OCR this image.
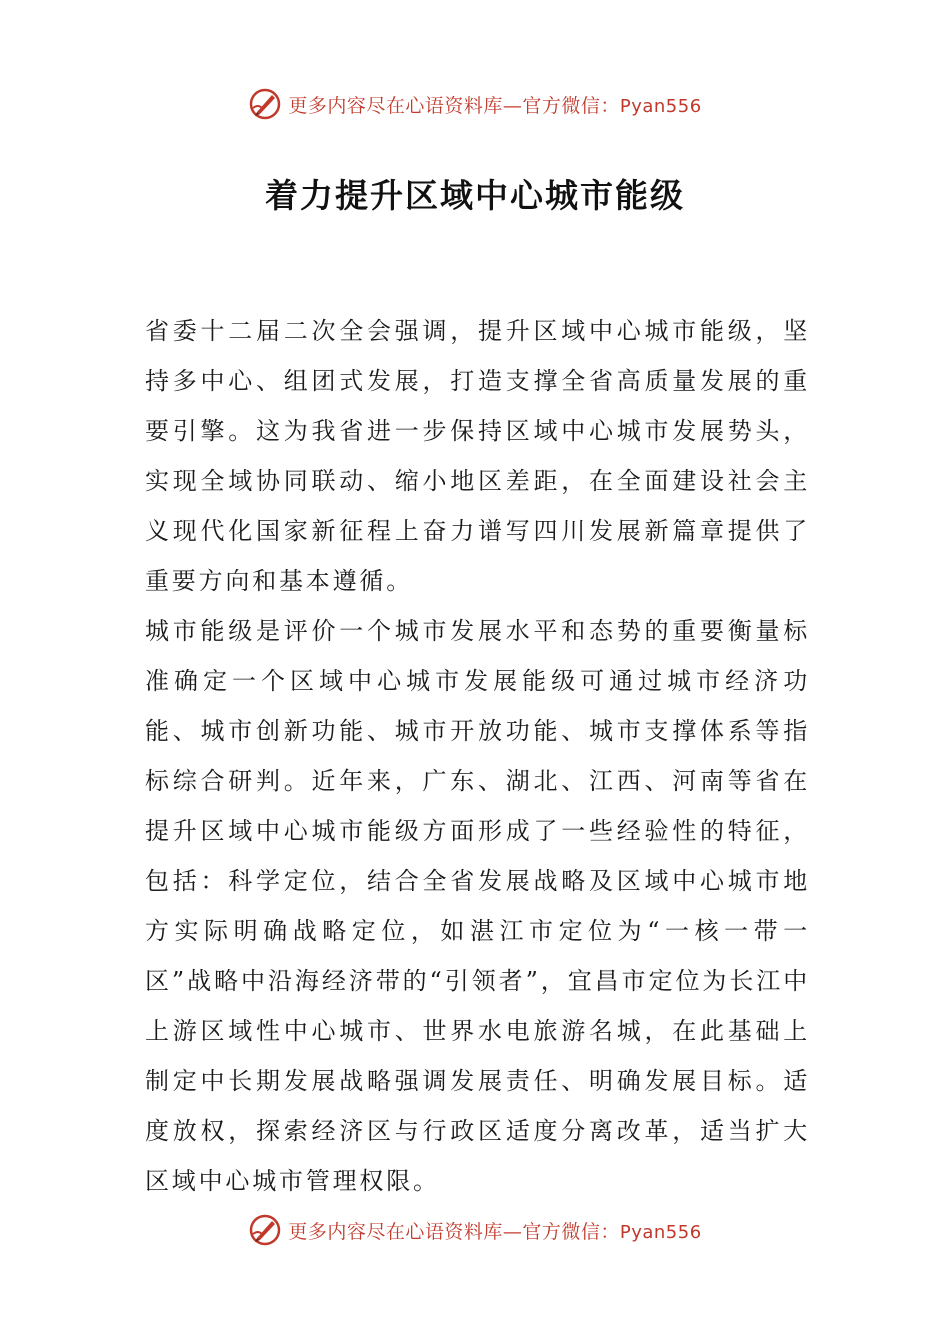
更多内容尽在心语资料库—官方微信：Pyan556
着力提升区域中心城市能级

省委十二届二次全会强调，提升区域中心城市能级，坚持多中心、组团式发展，打造支撑全省高质量发展的重要引擎。这为我省进一步保持区域中心城市发展势头，实现全域协同联动、缩小地区差距，在全面建设社会主义现代化国家新征程上奋力谱写四川发展新篇章提供了重要方向和基本遵循。

城市能级是评价一个城市发展水平和态势的重要衡量标准确定一个区域中心城市发展能级可通过城市经济功能、城市创新功能、城市开放功能、城市支撑体系等指标综合研判。近年来，广东、湖北、江西、河南等省在提升区域中心城市能级方面形成了一些经验性的特征，包括：科学定位，结合全省发展战略及区域中心城市地方实际明确战略定位，如湛江市定位为“一核一带一区”战略中沿海经济带的“引领者”，宜昌市定位为长江中上游区域性中心城市、世界水电旅游名城，在此基础上制定中长期发展战略强调发展责任、明确发展目标。适度放权，探索经济区与行政区适度分离改革，适当扩大区域中心城市管理权限。

更多内容尽在心语资料库—官方微信：Pyan556
